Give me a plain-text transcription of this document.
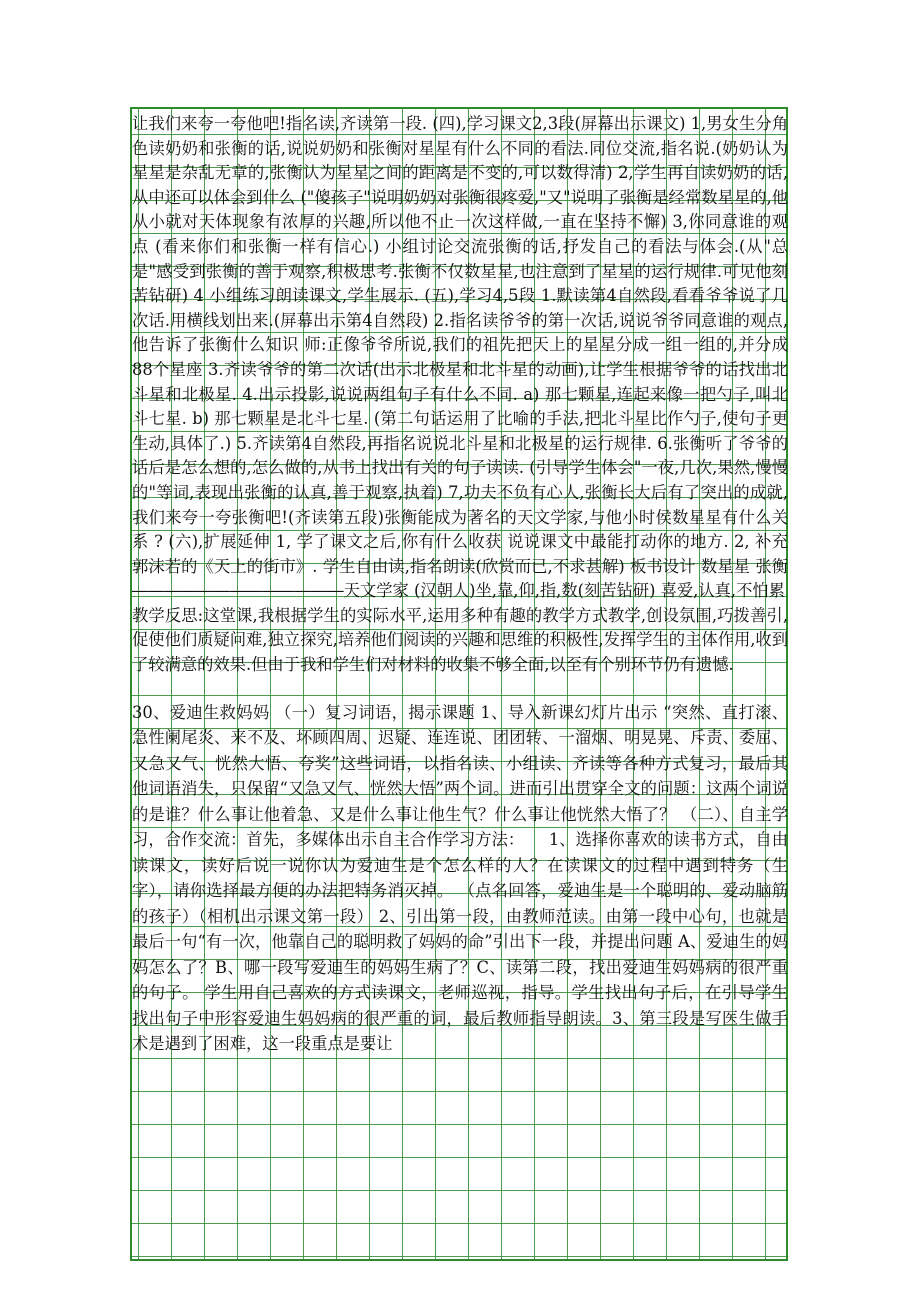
让我们来夸一夸他吧!指名读,齐读第一段. (四),学习课文2,3段(屏幕出示课文) 1,男女生分角色读奶奶和张衡的话,说说奶奶和张衡对星星有什么不同的看法.同位交流,指名说.(奶奶认为星星是杂乱无章的,张衡认为星星之间的距离是不变的,可以数得清) 2,学生再自读奶奶的话,从中还可以体会到什么 ("傻孩子"说明奶奶对张衡很疼爱,"又"说明了张衡是经常数星星的,他从小就对天体现象有浓厚的兴趣,所以他不止一次这样做,一直在坚持不懈) 3,你同意谁的观点 (看来你们和张衡一样有信心.) 小组讨论交流张衡的话,抒发自己的看法与体会.(从"总是"感受到张衡的善于观察,积极思考.张衡不仅数星星,也注意到了星星的运行规律.可见他刻苦钻研) 4 小组练习朗读课文,学生展示. (五),学习4,5段 1.默读第4自然段,看看爷爷说了几次话.用横线划出来.(屏幕出示第4自然段) 2.指名读爷爷的第一次话,说说爷爷同意谁的观点,他告诉了张衡什么知识 师:正像爷爷所说,我们的祖先把天上的星星分成一组一组的,并分成88个星座 3.齐读爷爷的第二次话(出示北极星和北斗星的动画),让学生根据爷爷的话找出北斗星和北极星. 4.出示投影,说说两组句子有什么不同. a) 那七颗星,连起来像一把勺子,叫北斗七星. b) 那七颗星是北斗七星. (第二句话运用了比喻的手法,把北斗星比作勺子,使句子更生动,具体了.) 5.齐读第4自然段,再指名说说北斗星和北极星的运行规律. 6.张衡听了爷爷的话后是怎么想的,怎么做的,从书上找出有关的句子读读. (引导学生体会"一夜,几次,果然,慢慢的"等词,表现出张衡的认真,善于观察,执着) 7,功夫不负有心人,张衡长大后有了突出的成就,我们来夸一夸张衡吧!(齐读第五段)张衡能成为著名的天文学家,与他小时侯数星星有什么关系 ? (六),扩展延伸 1, 学了课文之后,你有什么收获 说说课文中最能打动你的地方. 2, 补充郭沫若的《天上的街市》. 学生自由读,指名朗读(欣赏而已,不求甚解) 板书设计 数星星 张衡―――――――――――――天文学家 (汉朝人)坐,靠,仰,指,数(刻苦钻研) 喜爱,认真,不怕累

教学反思:这堂课,我根据学生的实际水平,运用多种有趣的教学方式教学,创设氛围,巧拨善引,促使他们质疑问难,独立探究,培养他们阅读的兴趣和思维的积极性,发挥学生的主体作用,收到了较满意的效果.但由于我和学生们对材料的收集不够全面,以至有个别环节仍有遗憾.

30、爱迪生救妈妈 （一）复习词语，揭示课题 1、导入新课幻灯片出示 “突然、直打滚、急性阑尾炎、来不及、坏顾四周、迟疑、连连说、团团转、一溜烟、明晃晃、斥责、委屈、又急又气、恍然大悟、夸奖”这些词语，以指名读、小组读、齐读等各种方式复习，最后其他词语消失，只保留“又急又气、恍然大悟”两个词。进而引出贯穿全文的问题：这两个词说的是谁？什么事让他着急、又是什么事让他生气？什么事让他恍然大悟了？ （二）、自主学习，合作交流：首先，多媒体出示自主合作学习方法：　　1、选择你喜欢的读书方式，自由读课文，读好后说一说你认为爱迪生是个怎么样的人？在读课文的过程中遇到特务（生字），请你选择最方便的办法把特务消灭掉。 （点名回答，爱迪生是一个聪明的、爱动脑筋的孩子）（相机出示课文第一段） 2、引出第一段，由教师范读。由第一段中心句，也就是最后一句“有一次，他靠自己的聪明救了妈妈的命”引出下一段，并提出问题 A、爱迪生的妈妈怎么了？B、哪一段写爱迪生的妈妈生病了？C、读第二段，找出爱迪生妈妈病的很严重的句子。 学生用自己喜欢的方式读课文，老师巡视，指导。学生找出句子后，在引导学生找出句子中形容爱迪生妈妈病的很严重的词，最后教师指导朗读。3、第三段是写医生做手术是遇到了困难，这一段重点是要让
